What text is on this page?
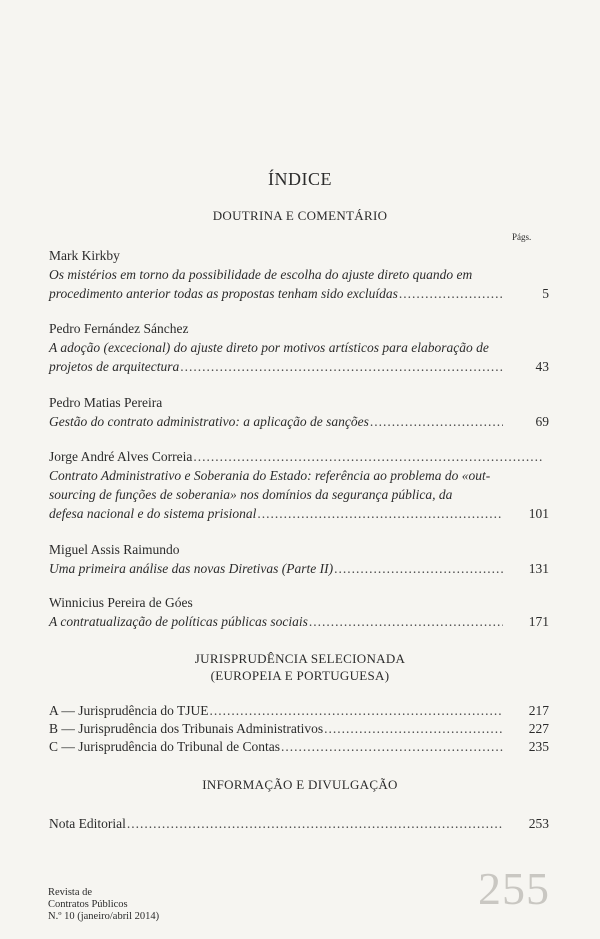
ÍNDICE
DOUTRINA E COMENTÁRIO
Págs.
Mark Kirkby
Os mistérios em torno da possibilidade de escolha do ajuste direto quando em
procedimento anterior todas as propostas tenham sido excluídas .....	5
Pedro Fernández Sánchez
A adoção (excecional) do ajuste direto por motivos artísticos para elaboração de
projetos de arquitectura .....	43
Pedro Matias Pereira
Gestão do contrato administrativo: a aplicação de sanções .....	69
Jorge André Alves Correia
.....
Contrato Administrativo e Soberania do Estado: referência ao problema do «out-
sourcing de funções de soberania» nos domínios da segurança pública, da
defesa nacional e do sistema prisional .....	101
Miguel Assis Raimundo
Uma primeira análise das novas Diretivas (Parte II) .....	131
Winnicius Pereira de Góes
A contratualização de políticas públicas sociais .....	171
JURISPRUDÊNCIA SELECIONADA
(EUROPEIA E PORTUGUESA)
A — Jurisprudência do TJUE .....	217
B — Jurisprudência dos Tribunais Administrativos .....	227
C — Jurisprudência do Tribunal de Contas .....	235
INFORMAÇÃO E DIVULGAÇÃO
Nota Editorial .....	253
Revista de
Contratos Públicos
N.º 10 (janeiro/abril 2014)
255
